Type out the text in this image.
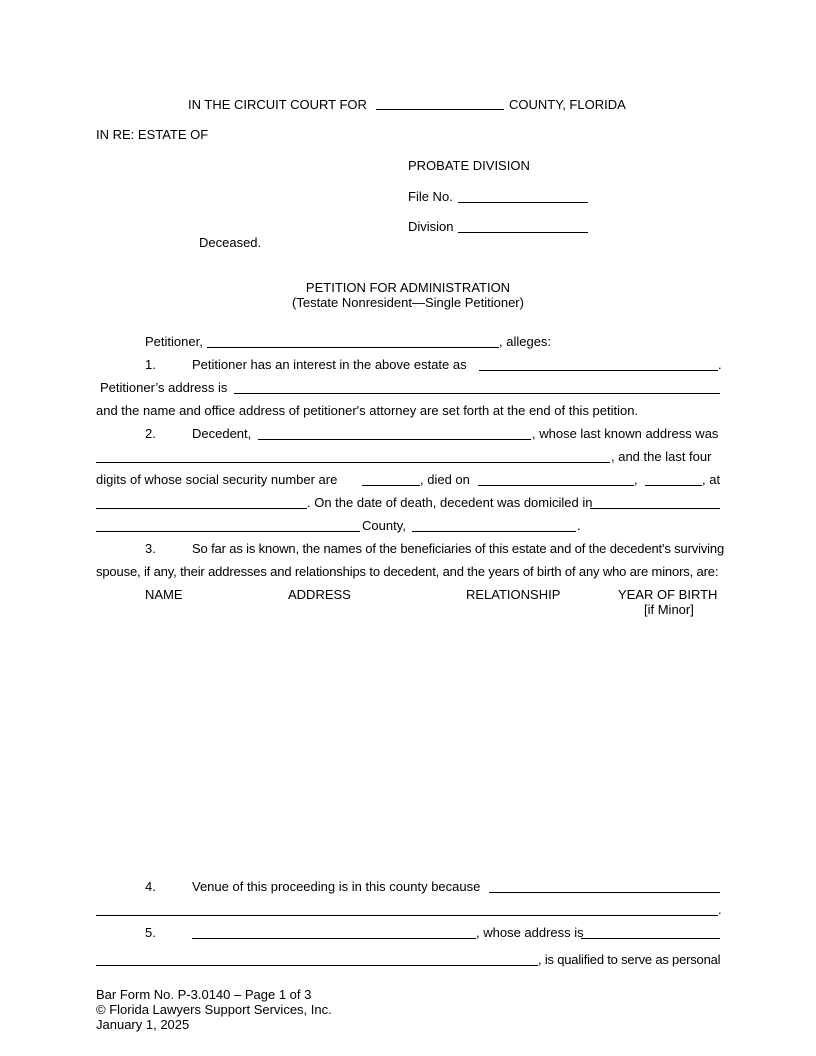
IN THE CIRCUIT COURT FOR	COUNTY, FLORIDA
IN RE: ESTATE OF
PROBATE DIVISION
File No.
Division
Deceased.
PETITION FOR ADMINISTRATION
(Testate Nonresident—Single Petitioner)
Petitioner,	, alleges:
1.	Petitioner has an interest in the above estate as	.
Petitioner’s address is
and the name and office address of petitioner's attorney are set forth at the end of this petition.
2.	Decedent,	, whose last known address was
, and the last four
digits of whose social security number are	, died on	,	, at
. On the date of death, decedent was domiciled in
County,	.
3.	So far as is known, the names of the beneficiaries of this estate and of the decedent's surviving
spouse, if any, their addresses and relationships to decedent, and the years of birth of any who are minors, are:
NAME	ADDRESS	RELATIONSHIP	YEAR OF BIRTH
[if Minor]
4.	Venue of this proceeding is in this county because
.
5.	, whose address is
, is qualified to serve as personal
Bar Form No. P-3.0140 – Page 1 of 3
© Florida Lawyers Support Services, Inc.
January 1, 2025
